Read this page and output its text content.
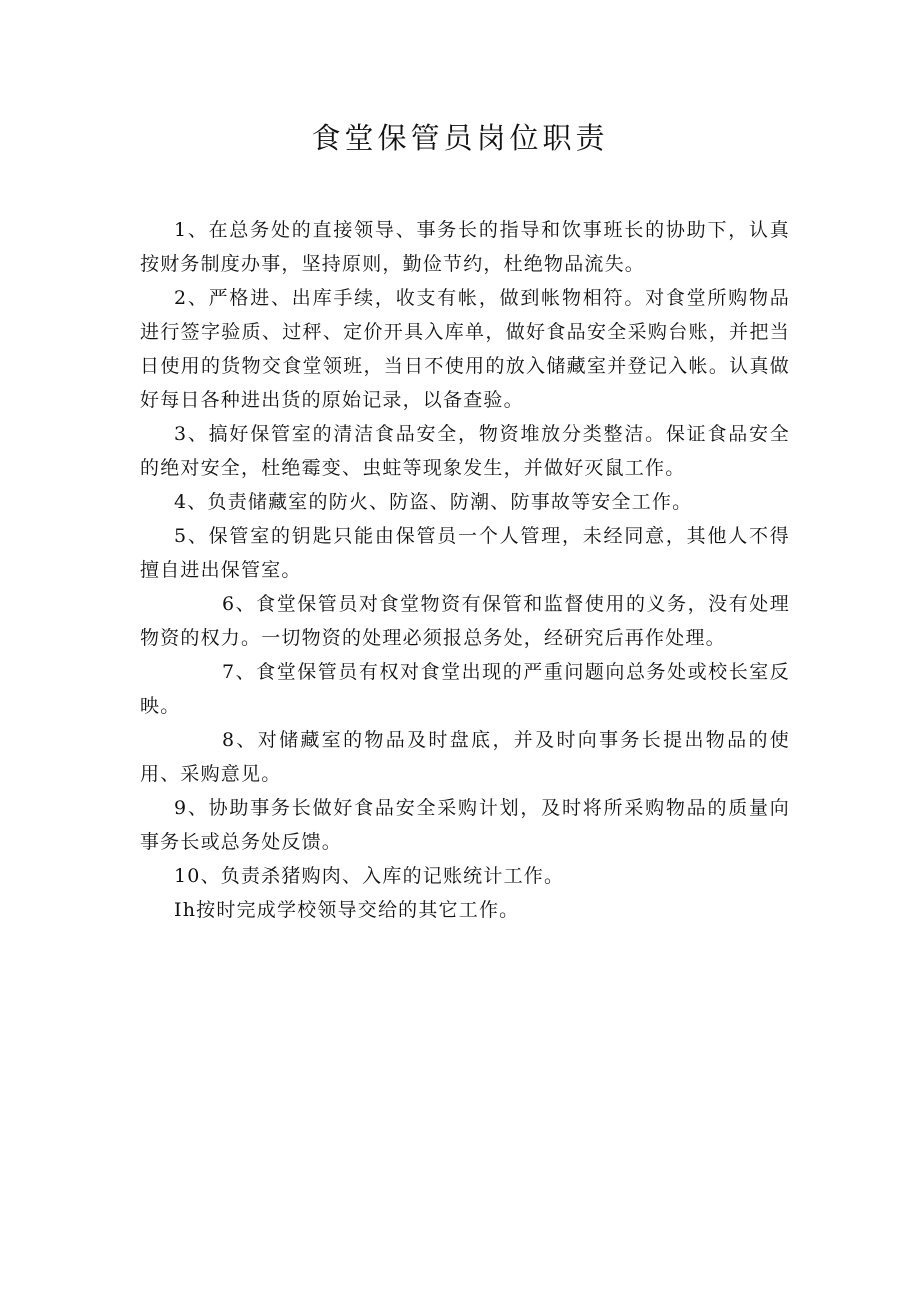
食堂保管员岗位职责

1、在总务处的直接领导、事务长的指导和饮事班长的协助下，认真按财务制度办事，坚持原则，勤俭节约，杜绝物品流失。

2、严格进、出库手续，收支有帐，做到帐物相符。对食堂所购物品进行签字验质、过秤、定价开具入库单，做好食品安全采购台账，并把当日使用的货物交食堂领班，当日不使用的放入储藏室并登记入帐。认真做好每日各种进出货的原始记录，以备查验。

3、搞好保管室的清洁食品安全，物资堆放分类整洁。保证食品安全的绝对安全，杜绝霉变、虫蛀等现象发生，并做好灭鼠工作。

4、负责储藏室的防火、防盗、防潮、防事故等安全工作。

5、保管室的钥匙只能由保管员一个人管理，未经同意，其他人不得擅自进出保管室。

6、食堂保管员对食堂物资有保管和监督使用的义务，没有处理物资的权力。一切物资的处理必须报总务处，经研究后再作处理。

7、食堂保管员有权对食堂出现的严重问题向总务处或校长室反映。

8、对储藏室的物品及时盘底，并及时向事务长提出物品的使用、采购意见。

9、协助事务长做好食品安全采购计划，及时将所采购物品的质量向事务长或总务处反馈。

10、负责杀猪购肉、入库的记账统计工作。

Ih按时完成学校领导交给的其它工作。
